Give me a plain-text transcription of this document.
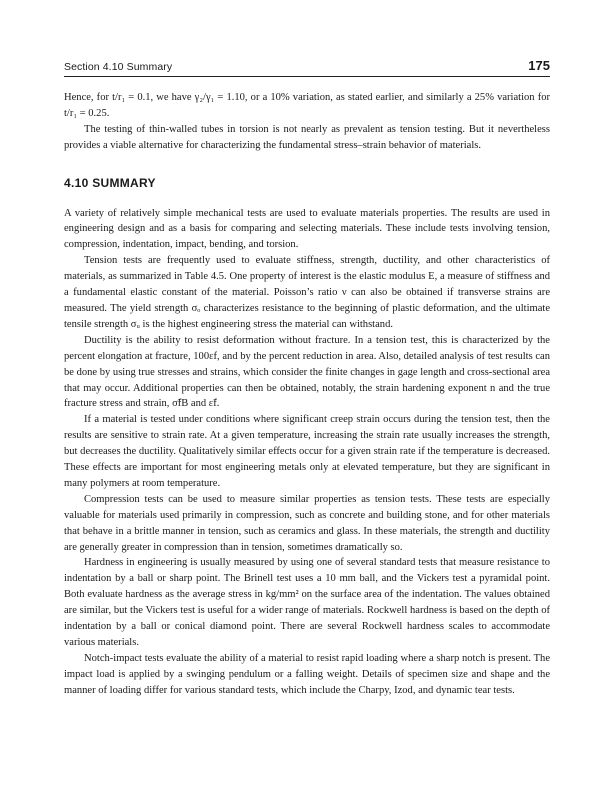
Section 4.10 Summary	175

Hence, for t/r₁ = 0.1, we have γ₂/γ₁ = 1.10, or a 10% variation, as stated earlier, and similarly a 25% variation for t/r₁ = 0.25.

The testing of thin-walled tubes in torsion is not nearly as prevalent as tension testing. But it nevertheless provides a viable alternative for characterizing the fundamental stress–strain behavior of materials.

4.10 SUMMARY

A variety of relatively simple mechanical tests are used to evaluate materials properties. The results are used in engineering design and as a basis for comparing and selecting materials. These include tests involving tension, compression, indentation, impact, bending, and torsion.

Tension tests are frequently used to evaluate stiffness, strength, ductility, and other characteristics of materials, as summarized in Table 4.5. One property of interest is the elastic modulus E, a measure of stiffness and a fundamental elastic constant of the material. Poisson’s ratio ν can also be obtained if transverse strains are measured. The yield strength σₒ characterizes resistance to the beginning of plastic deformation, and the ultimate tensile strength σᵤ is the highest engineering stress the material can withstand.

Ductility is the ability to resist deformation without fracture. In a tension test, this is characterized by the percent elongation at fracture, 100εf, and by the percent reduction in area. Also, detailed analysis of test results can be done by using true stresses and strains, which consider the finite changes in gage length and cross-sectional area that may occur. Additional properties can then be obtained, notably, the strain hardening exponent n and the true fracture stress and strain, σ̃fB and ε̃f.

If a material is tested under conditions where significant creep strain occurs during the tension test, then the results are sensitive to strain rate. At a given temperature, increasing the strain rate usually increases the strength, but decreases the ductility. Qualitatively similar effects occur for a given strain rate if the temperature is decreased. These effects are important for most engineering metals only at elevated temperature, but they are significant in many polymers at room temperature.

Compression tests can be used to measure similar properties as tension tests. These tests are especially valuable for materials used primarily in compression, such as concrete and building stone, and for other materials that behave in a brittle manner in tension, such as ceramics and glass. In these materials, the strength and ductility are generally greater in compression than in tension, sometimes dramatically so.

Hardness in engineering is usually measured by using one of several standard tests that measure resistance to indentation by a ball or sharp point. The Brinell test uses a 10 mm ball, and the Vickers test a pyramidal point. Both evaluate hardness as the average stress in kg/mm² on the surface area of the indentation. The values obtained are similar, but the Vickers test is useful for a wider range of materials. Rockwell hardness is based on the depth of indentation by a ball or conical diamond point. There are several Rockwell hardness scales to accommodate various materials.

Notch-impact tests evaluate the ability of a material to resist rapid loading where a sharp notch is present. The impact load is applied by a swinging pendulum or a falling weight. Details of specimen size and shape and the manner of loading differ for various standard tests, which include the Charpy, Izod, and dynamic tear tests.
